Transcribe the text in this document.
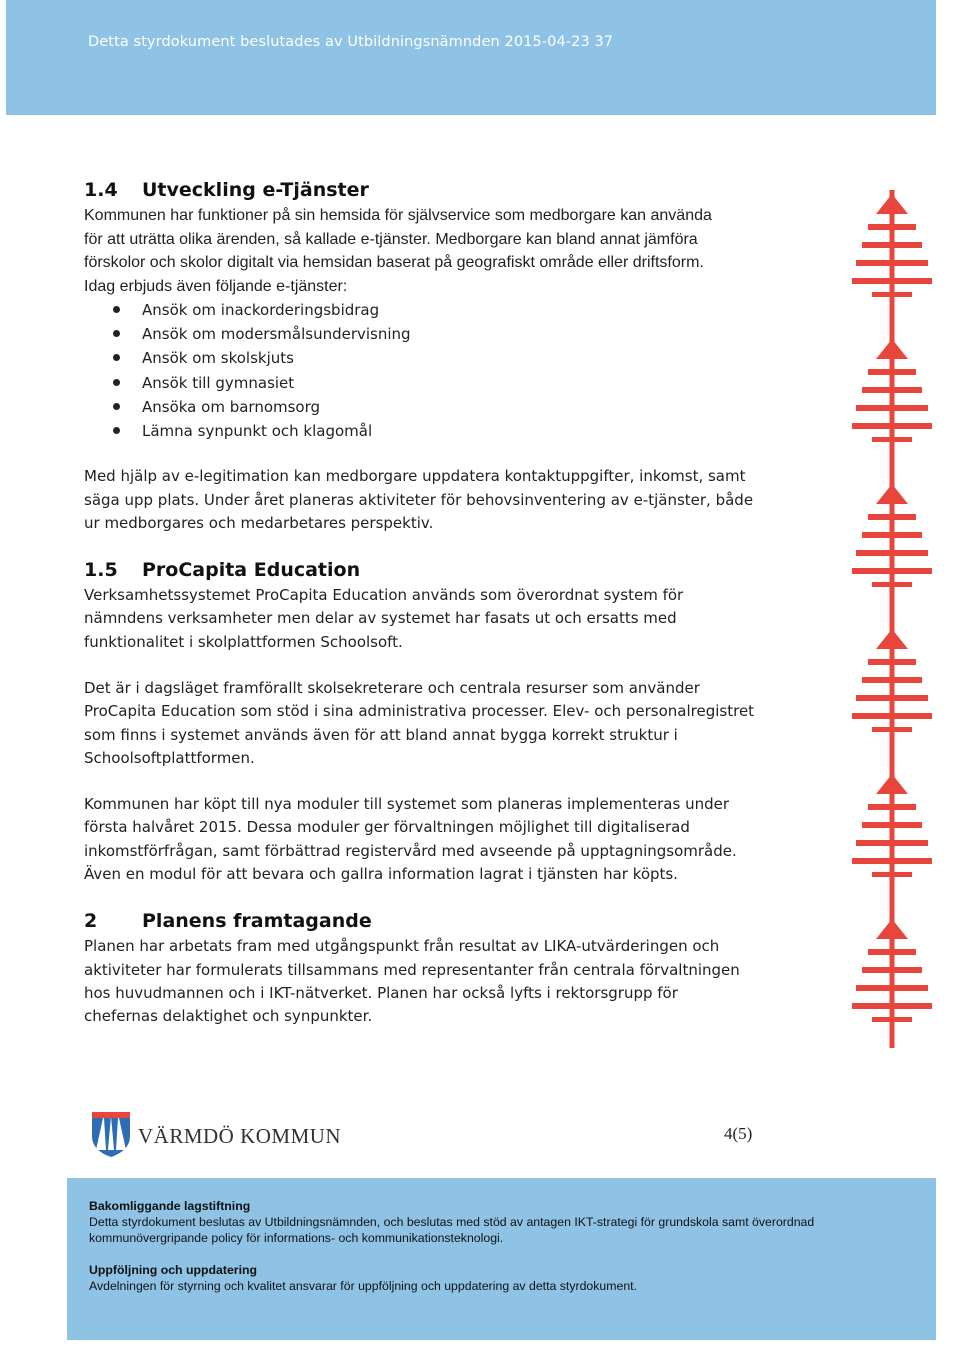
Detta styrdokument beslutades av Utbildningsnämnden 2015-04-23 37
1.4 Utveckling e-Tjänster
Kommunen har funktioner på sin hemsida för självservice som medborgare kan använda
för att uträtta olika ärenden, så kallade e-tjänster. Medborgare kan bland annat jämföra
förskolor och skolor digitalt via hemsidan baserat på geografiskt område eller driftsform.
Idag erbjuds även följande e-tjänster:
Ansök om inackorderingsbidrag
Ansök om modersmålsundervisning
Ansök om skolskjuts
Ansök till gymnasiet
Ansöka om barnomsorg
Lämna synpunkt och klagomål

Med hjälp av e-legitimation kan medborgare uppdatera kontaktuppgifter, inkomst, samt
säga upp plats. Under året planeras aktiviteter för behovsinventering av e-tjänster, både
ur medborgares och medarbetares perspektiv.

1.5 ProCapita Education

Verksamhetssystemet ProCapita Education används som överordnat system för
nämndens verksamheter men delar av systemet har fasats ut och ersatts med
funktionalitet i skolplattformen Schoolsoft.

Det är i dagsläget framförallt skolsekreterare och centrala resurser som använder
ProCapita Education som stöd i sina administrativa processer. Elev- och personalregistret
som finns i systemet används även för att bland annat bygga korrekt struktur i
Schoolsoftplattformen.

Kommunen har köpt till nya moduler till systemet som planeras implementeras under
första halvåret 2015. Dessa moduler ger förvaltningen möjlighet till digitaliserad
inkomstförfrågan, samt förbättrad registervård med avseende på upptagningsområde.
Även en modul för att bevara och gallra information lagrat i tjänsten har köpts.

2 Planens framtagande

Planen har arbetats fram med utgångspunkt från resultat av LIKA-utvärderingen och
aktiviteter har formulerats tillsammans med representanter från centrala förvaltningen
hos huvudmannen och i IKT-nätverket. Planen har också lyfts i rektorsgrupp för
chefernas delaktighet och synpunkter.

VÄRMDÖ KOMMUN	4(5)
Bakomliggande lagstiftning
Detta styrdokument beslutas av Utbildningsnämnden, och beslutas med stöd av antagen IKT-strategi för grundskola samt överordnad
kommunövergripande policy för informations- och kommunikationsteknologi.
Uppföljning och uppdatering
Avdelningen för styrning och kvalitet ansvarar för uppföljning och uppdatering av detta styrdokument.
